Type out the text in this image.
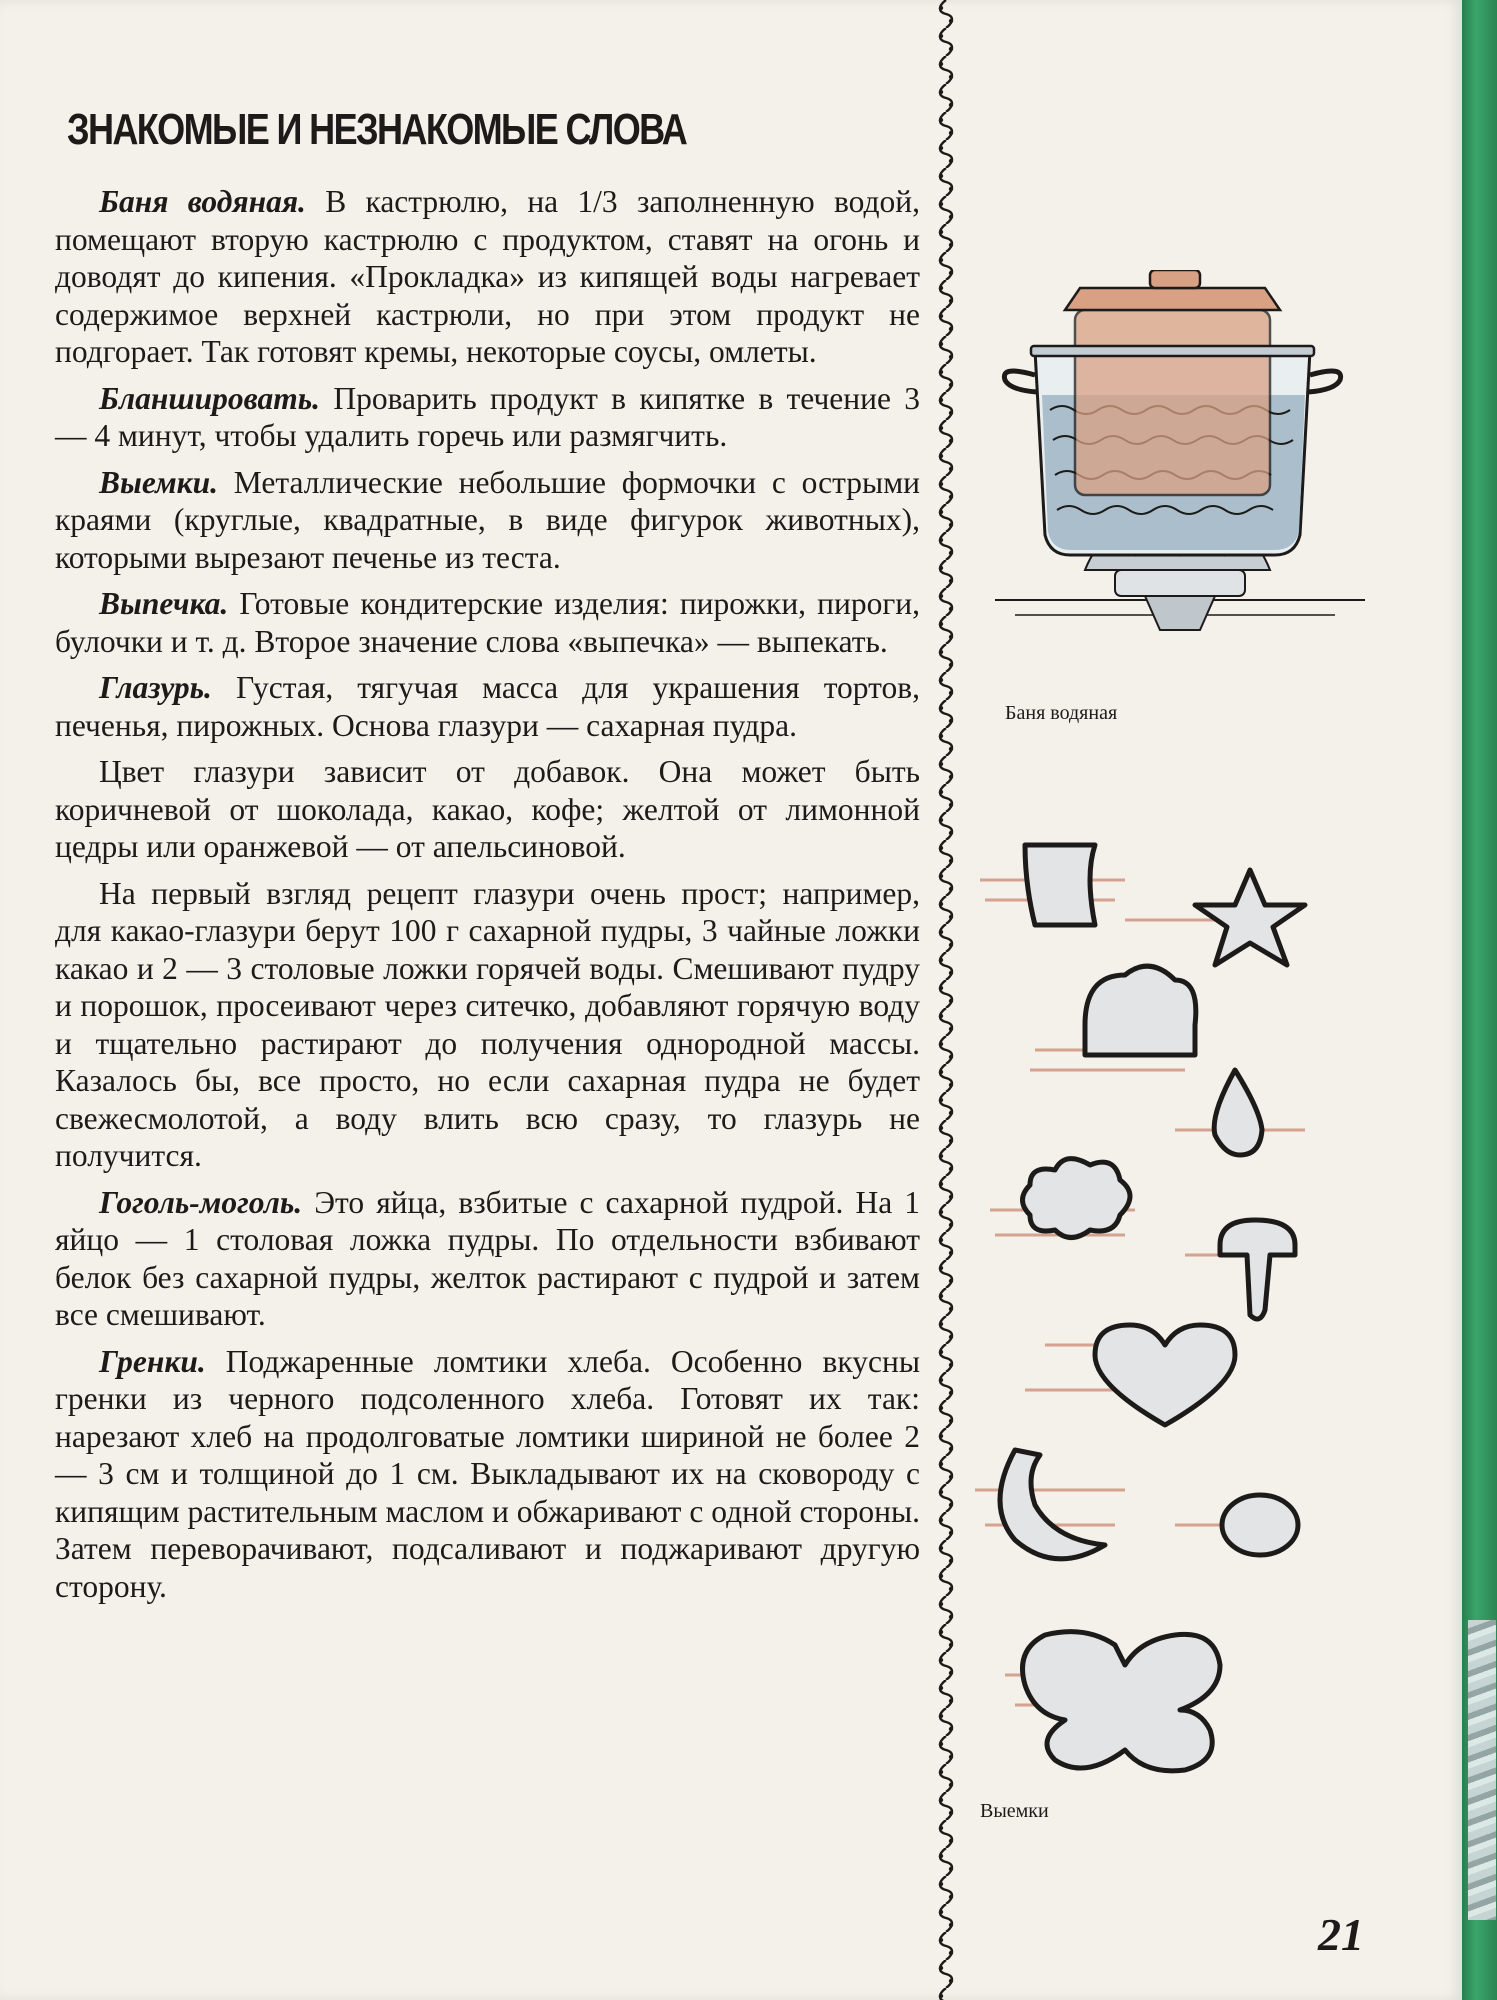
ЗНАКОМЫЕ И НЕЗНАКОМЫЕ СЛОВА

Баня водяная. В кастрюлю, на 1/3 заполненную водой, помещают вторую кастрюлю с продуктом, ставят на огонь и доводят до кипения. «Прокладка» из кипящей воды нагревает содержимое верхней кастрюли, но при этом продукт не подгорает. Так готовят кремы, некоторые соусы, омлеты.

Бланшировать. Проварить продукт в кипятке в течение 3 — 4 минут, чтобы удалить горечь или размягчить.

Выемки. Металлические небольшие формочки с острыми краями (круглые, квадратные, в виде фигурок животных), которыми вырезают печенье из теста.

Выпечка. Готовые кондитерские изделия: пирожки, пироги, булочки и т. д. Второе значение слова «выпечка» — выпекать.

Глазурь. Густая, тягучая масса для украшения тортов, печенья, пирожных. Основа глазури — сахарная пудра.

Цвет глазури зависит от добавок. Она может быть коричневой от шоколада, какао, кофе; желтой от лимонной цедры или оранжевой — от апельсиновой.

На первый взгляд рецепт глазури очень прост; например, для какао-глазури берут 100 г сахарной пудры, 3 чайные ложки какао и 2 — 3 столовые ложки горячей воды. Смешивают пудру и порошок, просеивают через ситечко, добавляют горячую воду и тщательно растирают до получения однородной массы. Казалось бы, все просто, но если сахарная пудра не будет свежесмолотой, а воду влить всю сразу, то глазурь не получится.

Гоголь-моголь. Это яйца, взбитые с сахарной пудрой. На 1 яйцо — 1 столовая ложка пудры. По отдельности взбивают белок без сахарной пудры, желток растирают с пудрой и затем все смешивают.

Гренки. Поджаренные ломтики хлеба. Особенно вкусны гренки из черного подсоленного хлеба. Готовят их так: нарезают хлеб на продолговатые ломтики шириной не более 2 — 3 см и толщиной до 1 см. Выкладывают их на сковороду с кипящим растительным маслом и обжаривают с одной стороны. Затем переворачивают, подсаливают и поджаривают другую сторону.

Баня водяная
Выемки
21
